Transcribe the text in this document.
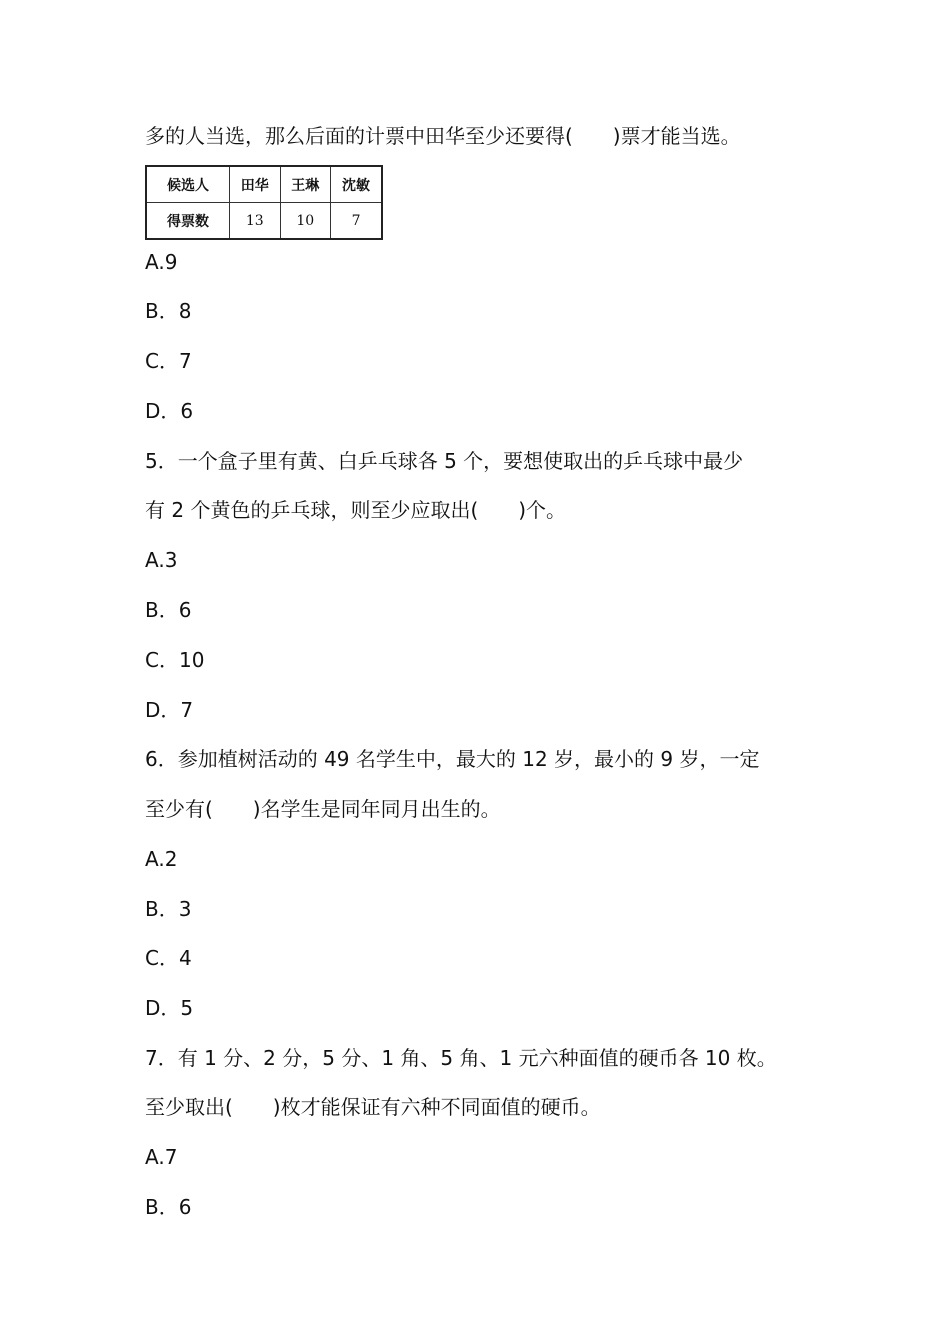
多的人当选，那么后面的计票中田华至少还要得(　　)票才能当选。
候选人	田华	王琳	沈敏
得票数	13	10	7
A.9
B．8
C．7
D．6
5．一个盒子里有黄、白乒乓球各 5 个，要想使取出的乒乓球中最少
有 2 个黄色的乒乓球，则至少应取出(　　)个。
A.3
B．6
C．10
D．7
6．参加植树活动的 49 名学生中，最大的 12 岁，最小的 9 岁，一定
至少有(　　)名学生是同年同月出生的。
A.2
B．3
C．4
D．5
7．有 1 分、2 分，5 分、1 角、5 角、1 元六种面值的硬币各 10 枚。
至少取出(　　)枚才能保证有六种不同面值的硬币。
A.7
B．6
